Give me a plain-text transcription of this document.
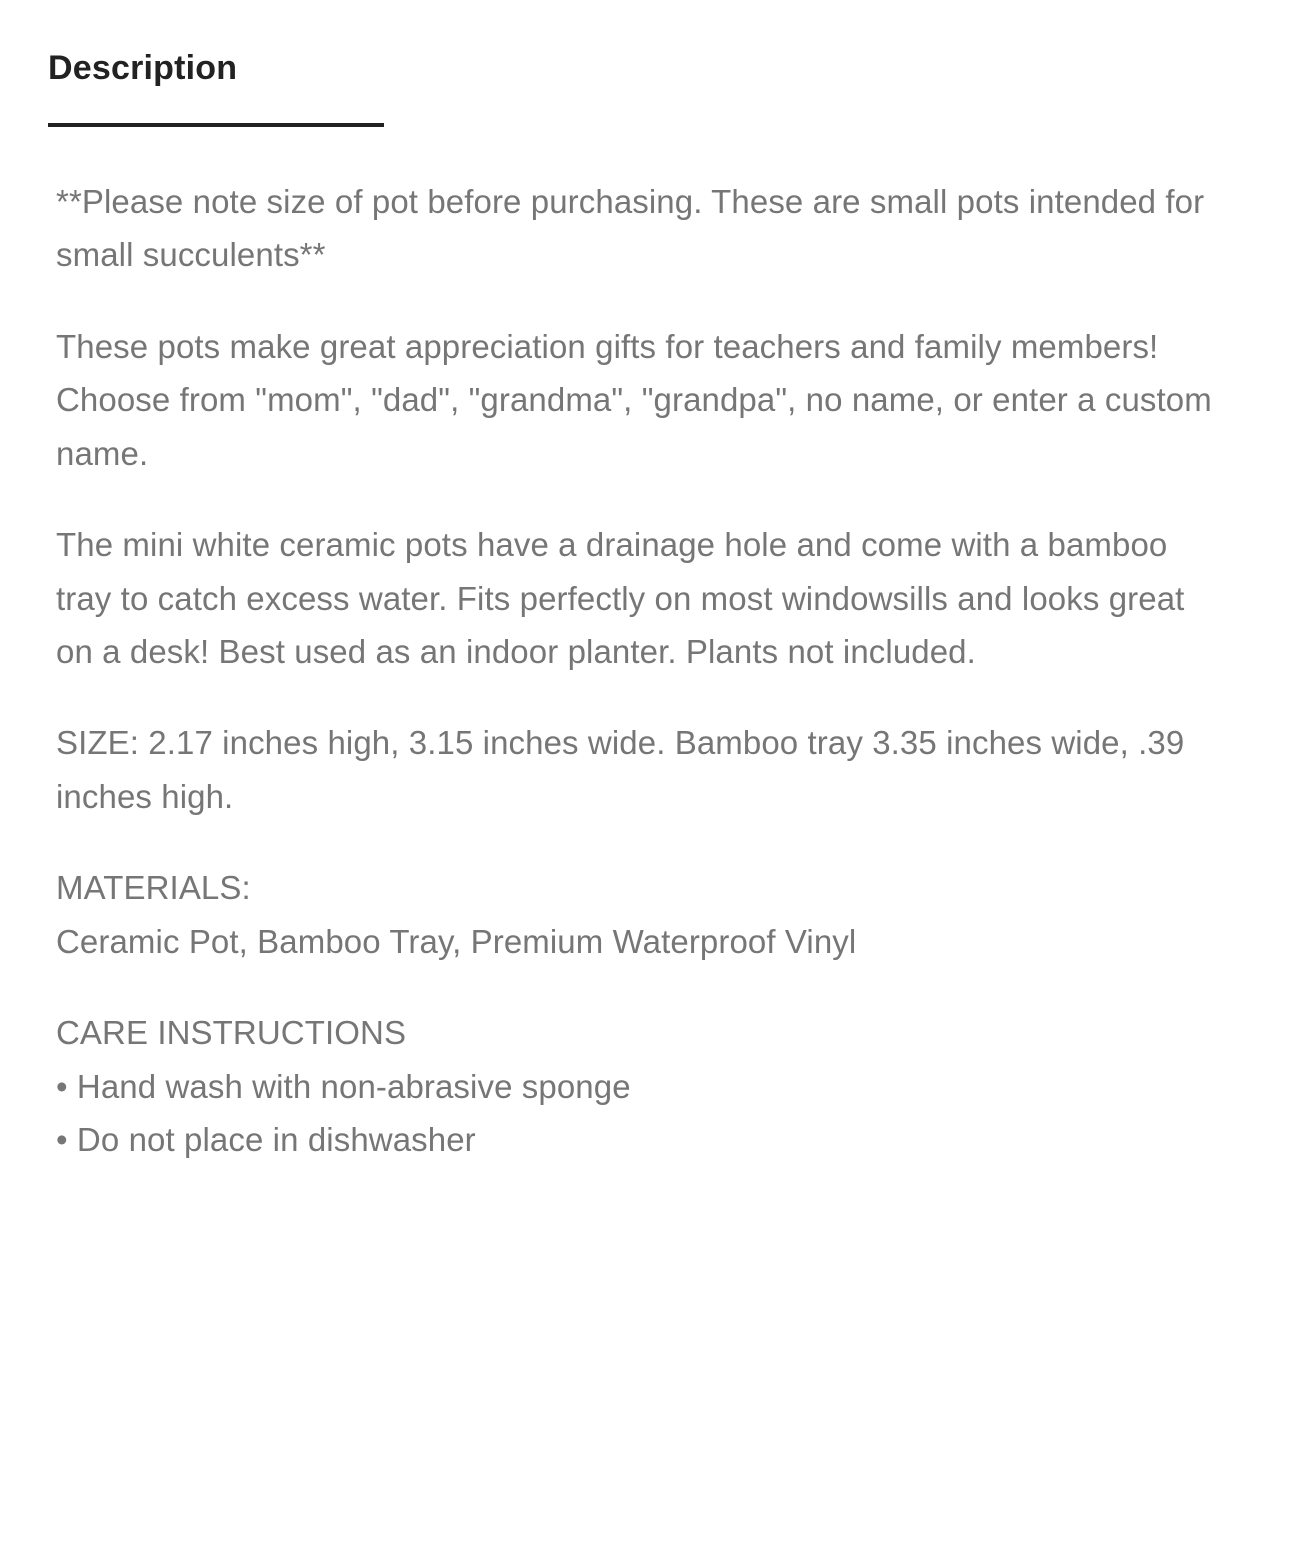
Description

**Please note size of pot before purchasing. These are small pots intended for small succulents**

These pots make great appreciation gifts for teachers and family members! Choose from "mom", "dad", "grandma", "grandpa", no name, or enter a custom name.

The mini white ceramic pots have a drainage hole and come with a bamboo tray to catch excess water. Fits perfectly on most windowsills and looks great on a desk! Best used as an indoor planter. Plants not included.

SIZE: 2.17 inches high, 3.15 inches wide. Bamboo tray 3.35 inches wide, .39 inches high.

MATERIALS:

Ceramic Pot, Bamboo Tray, Premium Waterproof Vinyl

CARE INSTRUCTIONS

• Hand wash with non-abrasive sponge

• Do not place in dishwasher
